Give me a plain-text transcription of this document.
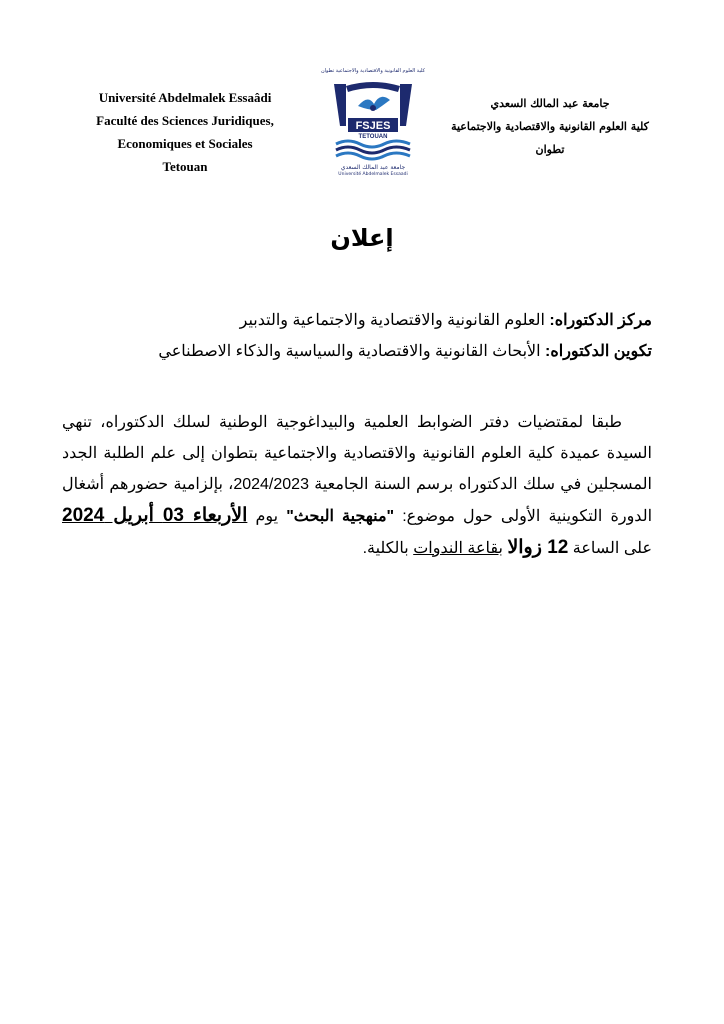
Université Abdelmalek Essaâdi
Faculté des Sciences Juridiques,
Economiques et Sociales
Tetouan
كلية العلوم القانونية والاقتصادية والاجتماعية تطوان
FSJES
TETOUAN
جامعة عبد المالك السعدي
Université Abdelmalek Essaadi
جامعة عبد المالك السعدي
كلية العلوم القانونية والاقتصادية والاجتماعية
تطوان
إعلان
مركز الدكتوراه: العلوم القانونية والاقتصادية والاجتماعية والتدبير
تكوين الدكتوراه: الأبحاث القانونية والاقتصادية والسياسية والذكاء الاصطناعي
طبقا لمقتضيات دفتر الضوابط العلمية والبيداغوجية الوطنية لسلك الدكتوراه، تنهي
السيدة عميدة كلية العلوم القانونية والاقتصادية والاجتماعية بتطوان إلى علم الطلبة الجدد
المسجلين في سلك الدكتوراه برسم السنة الجامعية 2024/2023، بإلزامية حضورهم أشغال
الدورة التكوينية الأولى حول موضوع: "منهجية البحث" يوم الأربعاء 03 أبريل 2024
على الساعة 12 زوالا بقاعة الندوات بالكلية.
